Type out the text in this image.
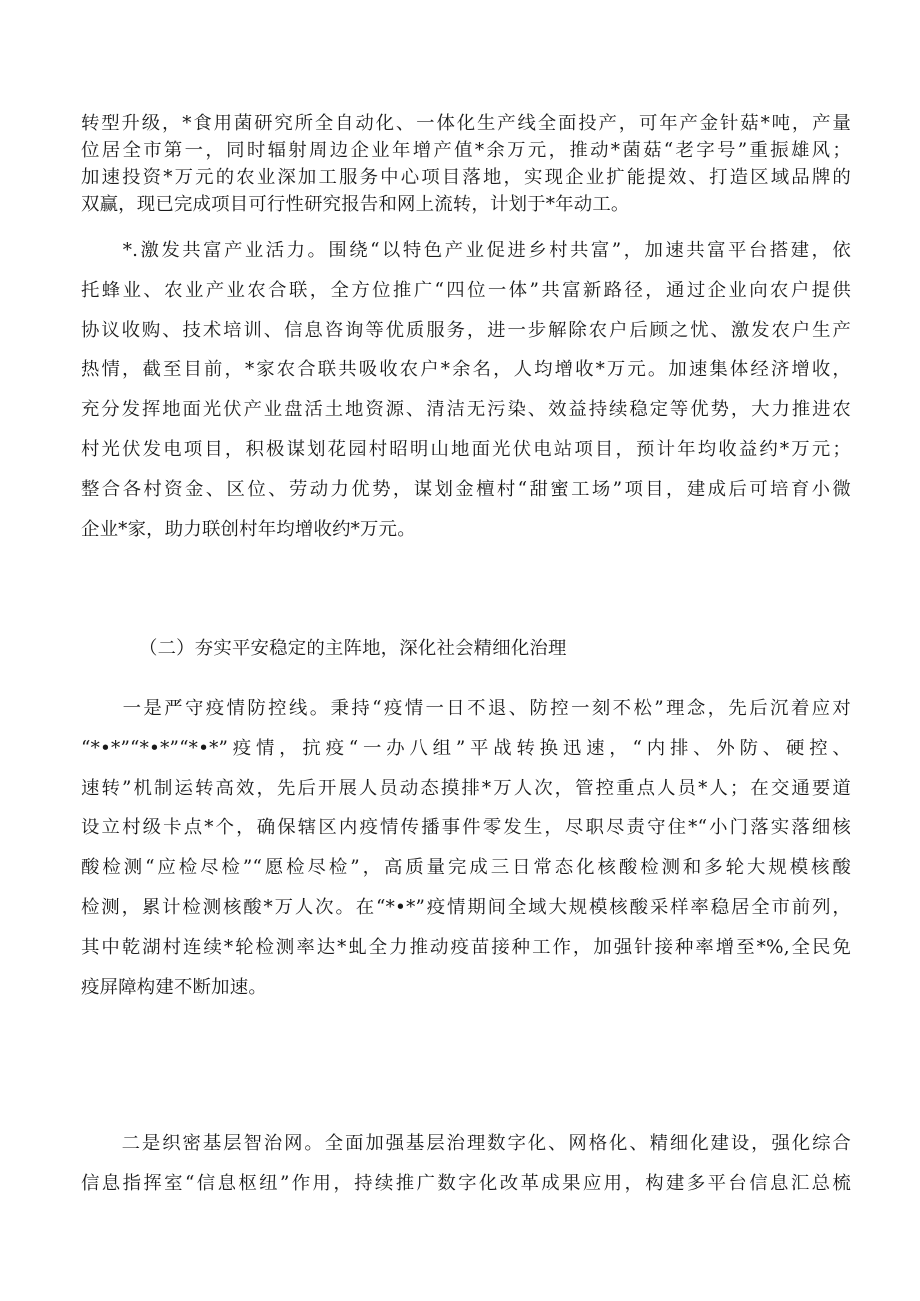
转型升级，*食用菌研究所全自动化、一体化生产线全面投产，可年产金针菇*吨，产量
位居全市第一，同时辐射周边企业年增产值*余万元，推动*菌菇“老字号”重振雄风；
加速投资*万元的农业深加工服务中心项目落地，实现企业扩能提效、打造区域品牌的
双赢，现已完成项目可行性研究报告和网上流转，计划于*年动工。
　　*.激发共富产业活力。围绕“以特色产业促进乡村共富”，加速共富平台搭建，依
托蜂业、农业产业农合联，全方位推广“四位一体”共富新路径，通过企业向农户提供
协议收购、技术培训、信息咨询等优质服务，进一步解除农户后顾之忧、激发农户生产
热情，截至目前，*家农合联共吸收农户*余名，人均增收*万元。加速集体经济增收，
充分发挥地面光伏产业盘活土地资源、清洁无污染、效益持续稳定等优势，大力推进农
村光伏发电项目，积极谋划花园村昭明山地面光伏电站项目，预计年均收益约*万元；
整合各村资金、区位、劳动力优势，谋划金檀村“甜蜜工场”项目，建成后可培育小微
企业*家，助力联创村年均增收约*万元。
（二）夯实平安稳定的主阵地，深化社会精细化治理
　　一是严守疫情防控线。秉持“疫情一日不退、防控一刻不松”理念，先后沉着应对
“*•*”“*•*”“*•*”疫情，抗疫“一办八组”平战转换迅速，“内排、外防、硬控、
速转”机制运转高效，先后开展人员动态摸排*万人次，管控重点人员*人；在交通要道
设立村级卡点*个，确保辖区内疫情传播事件零发生，尽职尽责守住*“小门落实落细核
酸检测“应检尽检”“愿检尽检”，高质量完成三日常态化核酸检测和多轮大规模核酸
检测，累计检测核酸*万人次。在“*•*”疫情期间全域大规模核酸采样率稳居全市前列，
其中乾湖村连续*轮检测率达*虬全力推动疫苗接种工作，加强针接种率增至*%,全民免
疫屏障构建不断加速。
　　二是织密基层智治网。全面加强基层治理数字化、网格化、精细化建设，强化综合
信息指挥室“信息枢纽”作用，持续推广数字化改革成果应用，构建多平台信息汇总梳
